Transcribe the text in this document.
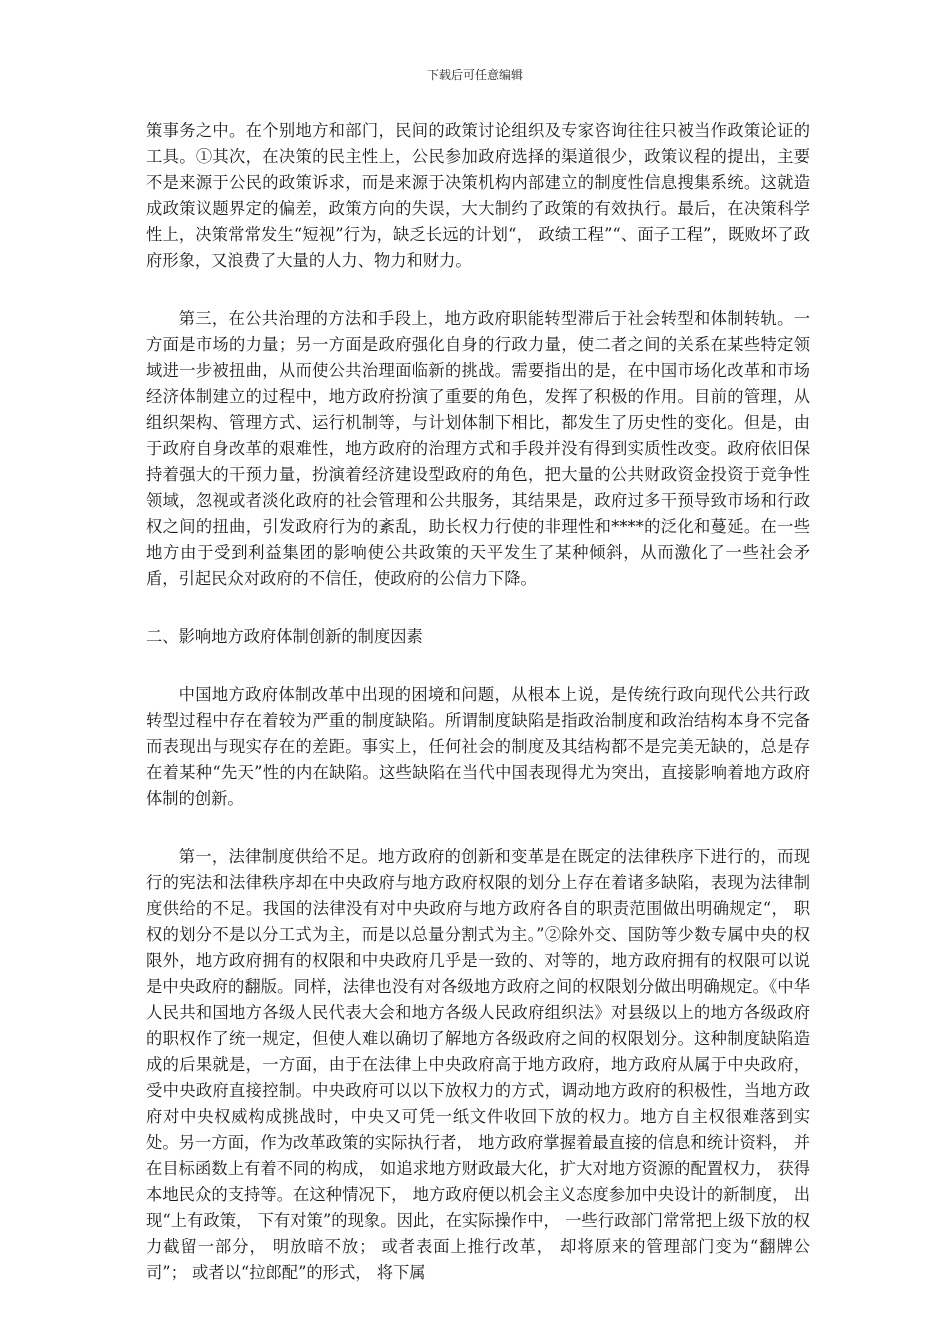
下载后可任意编辑

策事务之中。在个别地方和部门，民间的政策讨论组织及专家咨询往往只被当作政策论证的工具。①其次，在决策的民主性上，公民参加政府选择的渠道很少，政策议程的提出，主要不是来源于公民的政策诉求，而是来源于决策机构内部建立的制度性信息搜集系统。这就造成政策议题界定的偏差，政策方向的失误，大大制约了政策的有效执行。最后，在决策科学性上，决策常常发生“短视”行为，缺乏长远的计划“， 政绩工程”“、面子工程”，既败坏了政府形象，又浪费了大量的人力、物力和财力。

第三，在公共治理的方法和手段上，地方政府职能转型滞后于社会转型和体制转轨。一方面是市场的力量；另一方面是政府强化自身的行政力量，使二者之间的关系在某些特定领域进一步被扭曲，从而使公共治理面临新的挑战。需要指出的是，在中国市场化改革和市场经济体制建立的过程中，地方政府扮演了重要的角色，发挥了积极的作用。目前的管理，从组织架构、管理方式、运行机制等，与计划体制下相比，都发生了历史性的变化。但是，由于政府自身改革的艰难性，地方政府的治理方式和手段并没有得到实质性改变。政府依旧保持着强大的干预力量，扮演着经济建设型政府的角色，把大量的公共财政资金投资于竞争性领域，忽视或者淡化政府的社会管理和公共服务，其结果是，政府过多干预导致市场和行政权之间的扭曲，引发政府行为的紊乱，助长权力行使的非理性和****的泛化和蔓延。在一些地方由于受到利益集团的影响使公共政策的天平发生了某种倾斜，从而激化了一些社会矛盾，引起民众对政府的不信任，使政府的公信力下降。

二、影响地方政府体制创新的制度因素

中国地方政府体制改革中出现的困境和问题，从根本上说，是传统行政向现代公共行政转型过程中存在着较为严重的制度缺陷。所谓制度缺陷是指政治制度和政治结构本身不完备而表现出与现实存在的差距。事实上，任何社会的制度及其结构都不是完美无缺的，总是存在着某种“先天”性的内在缺陷。这些缺陷在当代中国表现得尤为突出，直接影响着地方政府体制的创新。

第一，法律制度供给不足。地方政府的创新和变革是在既定的法律秩序下进行的，而现行的宪法和法律秩序却在中央政府与地方政府权限的划分上存在着诸多缺陷，表现为法律制度供给的不足。我国的法律没有对中央政府与地方政府各自的职责范围做出明确规定“， 职权的划分不是以分工式为主，而是以总量分割式为主。”②除外交、国防等少数专属中央的权限外，地方政府拥有的权限和中央政府几乎是一致的、对等的，地方政府拥有的权限可以说是中央政府的翻版。同样，法律也没有对各级地方政府之间的权限划分做出明确规定。《中华人民共和国地方各级人民代表大会和地方各级人民政府组织法》对县级以上的地方各级政府的职权作了统一规定，但使人难以确切了解地方各级政府之间的权限划分。这种制度缺陷造成的后果就是，一方面，由于在法律上中央政府高于地方政府，地方政府从属于中央政府，受中央政府直接控制。中央政府可以以下放权力的方式，调动地方政府的积极性，当地方政府对中央权威构成挑战时，中央又可凭一纸文件收回下放的权力。地方自主权很难落到实处。另一方面，作为改革政策的实际执行者， 地方政府掌握着最直接的信息和统计资料， 并在目标函数上有着不同的构成， 如追求地方财政最大化，扩大对地方资源的配置权力， 获得本地民众的支持等。在这种情况下， 地方政府便以机会主义态度参加中央设计的新制度， 出现“上有政策， 下有对策”的现象。因此，在实际操作中， 一些行政部门常常把上级下放的权力截留一部分， 明放暗不放； 或者表面上推行改革， 却将原来的管理部门变为“翻牌公司”； 或者以“拉郎配”的形式， 将下属
